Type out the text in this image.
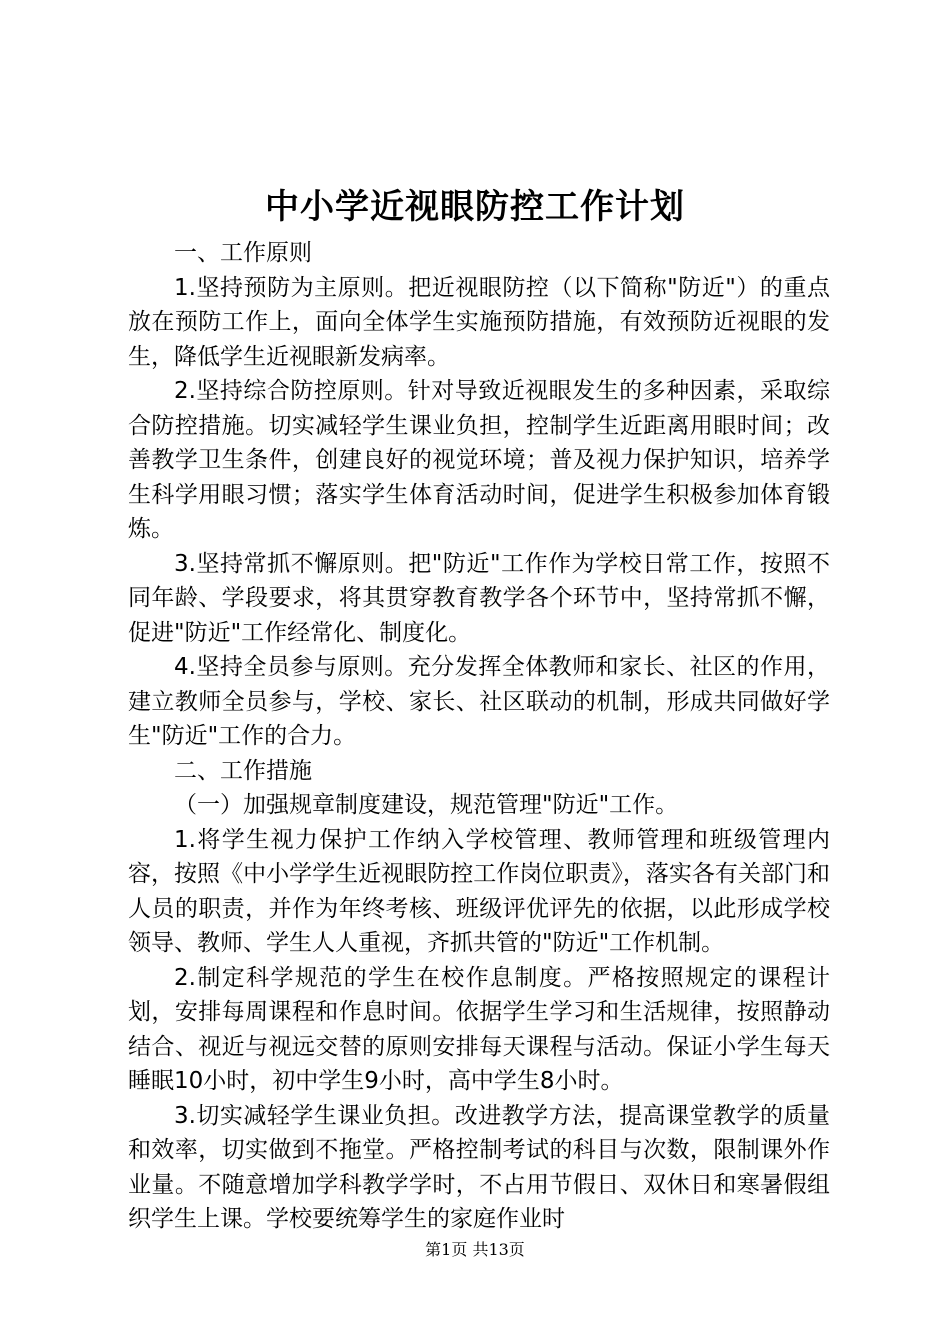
中小学近视眼防控工作计划

一、工作原则

1.坚持预防为主原则。把近视眼防控（以下简称"防近"）的重点放在预防工作上，面向全体学生实施预防措施，有效预防近视眼的发生，降低学生近视眼新发病率。

2.坚持综合防控原则。针对导致近视眼发生的多种因素，采取综合防控措施。切实减轻学生课业负担，控制学生近距离用眼时间；改善教学卫生条件，创建良好的视觉环境；普及视力保护知识，培养学生科学用眼习惯；落实学生体育活动时间，促进学生积极参加体育锻炼。

3.坚持常抓不懈原则。把"防近"工作作为学校日常工作，按照不同年龄、学段要求，将其贯穿教育教学各个环节中，坚持常抓不懈，促进"防近"工作经常化、制度化。

4.坚持全员参与原则。充分发挥全体教师和家长、社区的作用，建立教师全员参与，学校、家长、社区联动的机制，形成共同做好学生"防近"工作的合力。

二、工作措施

（一）加强规章制度建设，规范管理"防近"工作。

1.将学生视力保护工作纳入学校管理、教师管理和班级管理内容，按照《中小学学生近视眼防控工作岗位职责》，落实各有关部门和人员的职责，并作为年终考核、班级评优评先的依据，以此形成学校领导、教师、学生人人重视，齐抓共管的"防近"工作机制。

2.制定科学规范的学生在校作息制度。严格按照规定的课程计划，安排每周课程和作息时间。依据学生学习和生活规律，按照静动结合、视近与视远交替的原则安排每天课程与活动。保证小学生每天睡眠10小时，初中学生9小时，高中学生8小时。

3.切实减轻学生课业负担。改进教学方法，提高课堂教学的质量和效率，切实做到不拖堂。严格控制考试的科目与次数，限制课外作业量。不随意增加学科教学学时，不占用节假日、双休日和寒暑假组织学生上课。学校要统筹学生的家庭作业时

第1页 共13页
